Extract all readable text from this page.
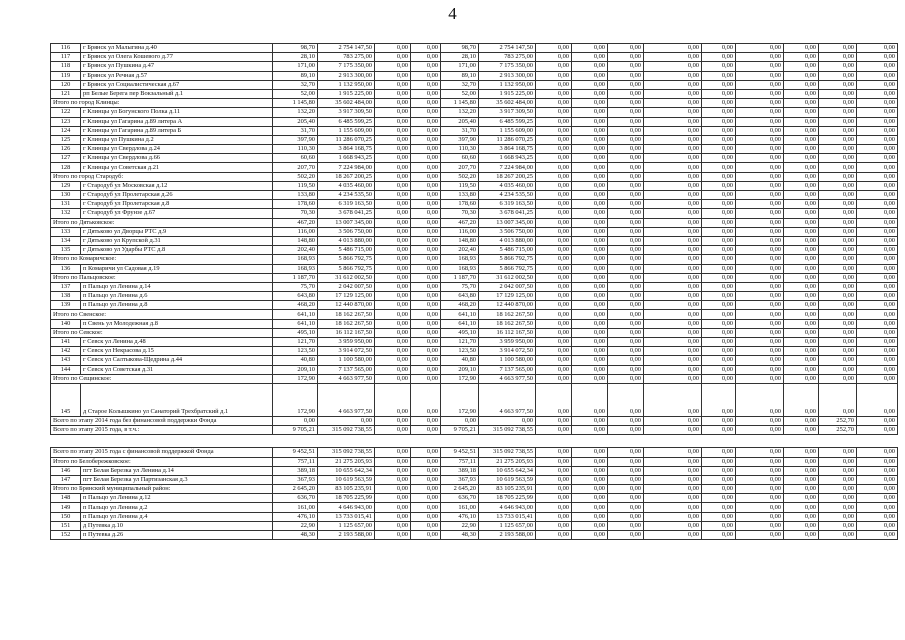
4
116	г Брянск ул Малыгина д.40	98,70	2 754 147,50	0,00	0,00	98,70	2 754 147,50	0,00	0,00	0,00	0,00	0,00	0,00	0,00	0,00	0,00
117	г Брянск ул Олега Кошевого д.77	28,10	783 275,00	0,00	0,00	28,10	783 275,00	0,00	0,00	0,00	0,00	0,00	0,00	0,00	0,00	0,00
118	г Брянск ул Пушкина д.47	171,00	7 175 350,00	0,00	0,00	171,00	7 175 350,00	0,00	0,00	0,00	0,00	0,00	0,00	0,00	0,00	0,00
119	г Брянск ул Речная д.57	89,10	2 913 300,00	0,00	0,00	89,10	2 913 300,00	0,00	0,00	0,00	0,00	0,00	0,00	0,00	0,00	0,00
120	г Брянск ул Социалистическая д.67	32,70	1 132 950,00	0,00	0,00	32,70	1 132 950,00	0,00	0,00	0,00	0,00	0,00	0,00	0,00	0,00	0,00
121	рп Белые Берега пер Вокзальный д.1	52,00	1 915 225,00	0,00	0,00	52,00	1 915 225,00	0,00	0,00	0,00	0,00	0,00	0,00	0,00	0,00	0,00
Итого по город Клинцы:		1 145,80	35 602 484,00	0,00	0,00	1 145,80	35 602 484,00	0,00	0,00	0,00	0,00	0,00	0,00	0,00	0,00	0,00
122	г Клинцы ул Богунского Полка д.11	132,20	3 917 309,50	0,00	0,00	132,20	3 917 309,50	0,00	0,00	0,00	0,00	0,00	0,00	0,00	0,00	0,00
123	г Клинцы ул Гагарина д.89 литера А	205,40	6 485 599,25	0,00	0,00	205,40	6 485 599,25	0,00	0,00	0,00	0,00	0,00	0,00	0,00	0,00	0,00
124	г Клинцы ул Гагарина д.89 литера Б	31,70	1 155 609,00	0,00	0,00	31,70	1 155 609,00	0,00	0,00	0,00	0,00	0,00	0,00	0,00	0,00	0,00
125	г Клинцы ул Пушкина д.2	397,90	11 286 070,25	0,00	0,00	397,90	11 286 070,25	0,00	0,00	0,00	0,00	0,00	0,00	0,00	0,00	0,00
126	г Клинцы ул Свердлова д.24	110,30	3 864 168,75	0,00	0,00	110,30	3 864 168,75	0,00	0,00	0,00	0,00	0,00	0,00	0,00	0,00	0,00
127	г Клинцы ул Свердлова д.66	60,60	1 668 943,25	0,00	0,00	60,60	1 668 943,25	0,00	0,00	0,00	0,00	0,00	0,00	0,00	0,00	0,00
128	г Клинцы ул Советская д.21	207,70	7 224 984,00	0,00	0,00	207,70	7 224 984,00	0,00	0,00	0,00	0,00	0,00	0,00	0,00	0,00	0,00
Итого по город Стародуб:		502,20	18 267 200,25	0,00	0,00	502,20	18 267 200,25	0,00	0,00	0,00	0,00	0,00	0,00	0,00	0,00	0,00
129	г Стародуб ул Московская д.12	119,50	4 035 460,00	0,00	0,00	119,50	4 035 460,00	0,00	0,00	0,00	0,00	0,00	0,00	0,00	0,00	0,00
130	г Стародуб ул Пролетарская д.26	133,80	4 234 535,50	0,00	0,00	133,80	4 234 535,50	0,00	0,00	0,00	0,00	0,00	0,00	0,00	0,00	0,00
131	г Стародуб ул Пролетарская д.8	178,60	6 319 163,50	0,00	0,00	178,60	6 319 163,50	0,00	0,00	0,00	0,00	0,00	0,00	0,00	0,00	0,00
132	г Стародуб ул Фрунзе д.67	70,30	3 678 041,25	0,00	0,00	70,30	3 678 041,25	0,00	0,00	0,00	0,00	0,00	0,00	0,00	0,00	0,00
Итого по Дятьковское:		467,20	13 007 345,00	0,00	0,00	467,20	13 007 345,00	0,00	0,00	0,00	0,00	0,00	0,00	0,00	0,00	0,00
133	г Дятьково ул Дворцы РТС д.9	116,00	3 506 750,00	0,00	0,00	116,00	3 506 750,00	0,00	0,00	0,00	0,00	0,00	0,00	0,00	0,00	0,00
134	г Дятьково ул Крупской д.31	148,80	4 013 880,00	0,00	0,00	148,80	4 013 880,00	0,00	0,00	0,00	0,00	0,00	0,00	0,00	0,00	0,00
135	г Дятьково ул Ударбы РТС д.8	202,40	5 486 715,00	0,00	0,00	202,40	5 486 715,00	0,00	0,00	0,00	0,00	0,00	0,00	0,00	0,00	0,00
Итого по Комаричское:		168,93	5 866 792,75	0,00	0,00	168,93	5 866 792,75	0,00	0,00	0,00	0,00	0,00	0,00	0,00	0,00	0,00
136	п Комаричи ул Садовая д.19	168,93	5 866 792,75	0,00	0,00	168,93	5 866 792,75	0,00	0,00	0,00	0,00	0,00	0,00	0,00	0,00	0,00
Итого по Пальцовское:		1 187,70	31 612 002,50	0,00	0,00	1 187,70	31 612 002,50	0,00	0,00	0,00	0,00	0,00	0,00	0,00	0,00	0,00
137	п Пальцо ул Ленина д.14	75,70	2 042 007,50	0,00	0,00	75,70	2 042 007,50	0,00	0,00	0,00	0,00	0,00	0,00	0,00	0,00	0,00
138	п Пальцо ул Ленина д.6	643,80	17 129 125,00	0,00	0,00	643,80	17 129 125,00	0,00	0,00	0,00	0,00	0,00	0,00	0,00	0,00	0,00
139	п Пальцо ул Ленина д.8	468,20	12 440 870,00	0,00	0,00	468,20	12 440 870,00	0,00	0,00	0,00	0,00	0,00	0,00	0,00	0,00	0,00
Итого по Свенское:		641,10	18 162 267,50	0,00	0,00	641,10	18 162 267,50	0,00	0,00	0,00	0,00	0,00	0,00	0,00	0,00	0,00
140	п Свень ул Молодежная д.8	641,10	18 162 267,50	0,00	0,00	641,10	18 162 267,50	0,00	0,00	0,00	0,00	0,00	0,00	0,00	0,00	0,00
Итого по Севское:		495,10	16 112 167,50	0,00	0,00	495,10	16 112 167,50	0,00	0,00	0,00	0,00	0,00	0,00	0,00	0,00	0,00
141	г Севск ул Ленина д.48	121,70	3 959 950,00	0,00	0,00	121,70	3 959 950,00	0,00	0,00	0,00	0,00	0,00	0,00	0,00	0,00	0,00
142	г Севск ул Некрасова д.15	123,50	3 914 072,50	0,00	0,00	123,50	3 914 072,50	0,00	0,00	0,00	0,00	0,00	0,00	0,00	0,00	0,00
143	г Севск ул Салтыкова-Щедрина д.44	40,80	1 100 580,00	0,00	0,00	40,80	1 100 580,00	0,00	0,00	0,00	0,00	0,00	0,00	0,00	0,00	0,00
144	г Севск ул Советская д.31	209,10	7 137 565,00	0,00	0,00	209,10	7 137 565,00	0,00	0,00	0,00	0,00	0,00	0,00	0,00	0,00	0,00
Итого по Сещинское:		172,90	4 663 977,50	0,00	0,00	172,90	4 663 977,50	0,00	0,00	0,00	0,00	0,00	0,00	0,00	0,00	0,00
145	д Старое Колышкино ул Санаторий Трехбратский д.1	172,90	4 663 977,50	0,00	0,00	172,90	4 663 977,50	0,00	0,00	0,00	0,00	0,00	0,00	0,00	0,00	0,00
Всего по этапу 2014 года без финансовой поддержки Фонда		0,00	0,00	0,00	0,00	0,00	0,00	0,00	0,00	0,00	0,00	0,00	0,00	0,00	252,70	0,00
Всего по этапу 2015 года, в т.ч.:		9 705,21	315 092 738,55	0,00	0,00	9 705,21	315 092 738,55	0,00	0,00	0,00	0,00	0,00	0,00	0,00	252,70	0,00

Всего по этапу 2015 года с финансовой поддержкой Фонда		9 452,51	315 092 738,55	0,00	0,00	9 452,51	315 092 738,55	0,00	0,00	0,00	0,00	0,00	0,00	0,00	0,00	0,00
Итого по Белобережковское:		757,11	21 275 205,93	0,00	0,00	757,11	21 275 205,93	0,00	0,00	0,00	0,00	0,00	0,00	0,00	0,00	0,00
146	пгт Белая Березка ул Ленина д.14	389,18	10 655 642,34	0,00	0,00	389,18	10 655 642,34	0,00	0,00	0,00	0,00	0,00	0,00	0,00	0,00	0,00
147	пгт Белая Березка ул Партизанская д.3	367,93	10 619 563,59	0,00	0,00	367,93	10 619 563,59	0,00	0,00	0,00	0,00	0,00	0,00	0,00	0,00	0,00
Итого по Брянский муниципальный район:		2 645,20	83 105 235,91	0,00	0,00	2 645,20	83 105 235,91	0,00	0,00	0,00	0,00	0,00	0,00	0,00	0,00	0,00
148	п Пальцо ул Ленина д.12	636,70	18 705 225,99	0,00	0,00	636,70	18 705 225,99	0,00	0,00	0,00	0,00	0,00	0,00	0,00	0,00	0,00
149	п Пальцо ул Ленина д.2	161,00	4 646 943,00	0,00	0,00	161,00	4 646 943,00	0,00	0,00	0,00	0,00	0,00	0,00	0,00	0,00	0,00
150	п Пальцо ул Ленина д.4	476,10	13 733 015,41	0,00	0,00	476,10	13 733 015,41	0,00	0,00	0,00	0,00	0,00	0,00	0,00	0,00	0,00
151	д Путевка д.10	22,90	1 125 657,00	0,00	0,00	22,90	1 125 657,00	0,00	0,00	0,00	0,00	0,00	0,00	0,00	0,00	0,00
152	п Путевка д.26	48,30	2 193 588,00	0,00	0,00	48,30	2 193 588,00	0,00	0,00	0,00	0,00	0,00	0,00	0,00	0,00	0,00
